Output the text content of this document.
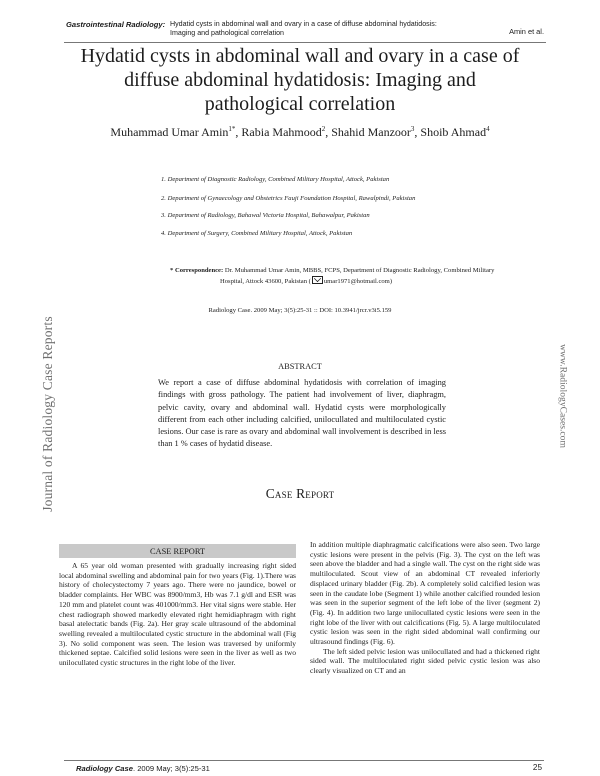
Gastrointestinal Radiology: Hydatid cysts in abdominal wall and ovary in a case of diffuse abdominal hydatidosis:
Imaging and pathological correlation	Amin et al.
Hydatid cysts in abdominal wall and ovary in a case of
diffuse abdominal hydatidosis: Imaging and
pathological correlation
Muhammad Umar Amin$^{1*}$, Rabia Mahmood$^2$, Shahid Manzoor$^3$, Shoib Ahmad$^4$
1. Department of Diagnostic Radiology, Combined Military Hospital, Attock, Pakistan
2. Department of Gynaecology and Obstetrics Fauji Foundation Hospital, Rawalpindi, Pakistan
3. Department of Radiology, Bahawal Victoria Hospital, Bahawalpur, Pakistan
4. Department of Surgery, Combined Military Hospital, Attock, Pakistan
* Correspondence: Dr. Muhammad Umar Amin, MBBS, FCPS, Department of Diagnostic Radiology, Combined Military Hospital, Attock 43600, Pakistan ( umar1971@hotmail.com)
Radiology Case. 2009 May; 3(5):25-31 :: DOI: 10.3941/jrcr.v3i5.159
Journal of Radiology Case Reports	www.RadiologyCases.com
ABSTRACT
We report a case of diffuse abdominal hydatidosis with correlation of imaging findings with gross pathology. The patient had involvement of liver, diaphragm, pelvic cavity, ovary and abdominal wall. Hydatid cysts were morphologically different from each other including calcified, unilocullated and multiloculated cystic lesions. Our case is rare as ovary and abdominal wall involvement is described in less than 1 % cases of hydatid disease.
Case Report
CASE REPORT

A 65 year old woman presented with gradually increasing right sided local abdominal swelling and abdominal pain for two years (Fig. 1).There was history of cholecystectomy 7 years ago. There were no jaundice, bowel or bladder complaints. Her WBC was 8900/mm3, Hb was 7.1 g/dl and ESR was 120 mm and platelet count was 401000/mm3. Her vital signs were stable. Her chest radiograph showed markedly elevated right hemidiaphragm with right basal atelectatic bands (Fig. 2a). Her gray scale ultrasound of the abdominal swelling revealed a multiloculated cystic structure in the abdominal wall (Fig 3). No solid component was seen. The lesion was traversed by uniformly thickened septae. Calcified solid lesions were seen in the liver as well as two unilocullated cystic structures in the right lobe of the liver.

In addition multiple diaphragmatic calcifications were also seen. Two large cystic lesions were present in the pelvis (Fig. 3). The cyst on the left was seen above the bladder and had a single wall. The cyst on the right side was multiloculated. Scout view of an abdominal CT revealed inferiorly displaced urinary bladder (Fig. 2b). A completely solid calcified lesion was seen in the caudate lobe (Segment 1) while another calcified rounded lesion was seen in the superior segment of the left lobe of the liver (segment 2) (Fig. 4). In addition two large unilocullated cystic lesions were seen in the right lobe of the liver with out calcifications (Fig. 5). A large multiloculated cystic lesion was seen in the right sided abdominal wall confirming our ultrasound findings (Fig. 6).

The left sided pelvic lesion was unilocullated and had a thickened right sided wall. The multiloculated right sided pelvic cystic lesion was also clearly visualized on CT and an

Radiology Case. 2009 May; 3(5):25-31	25
